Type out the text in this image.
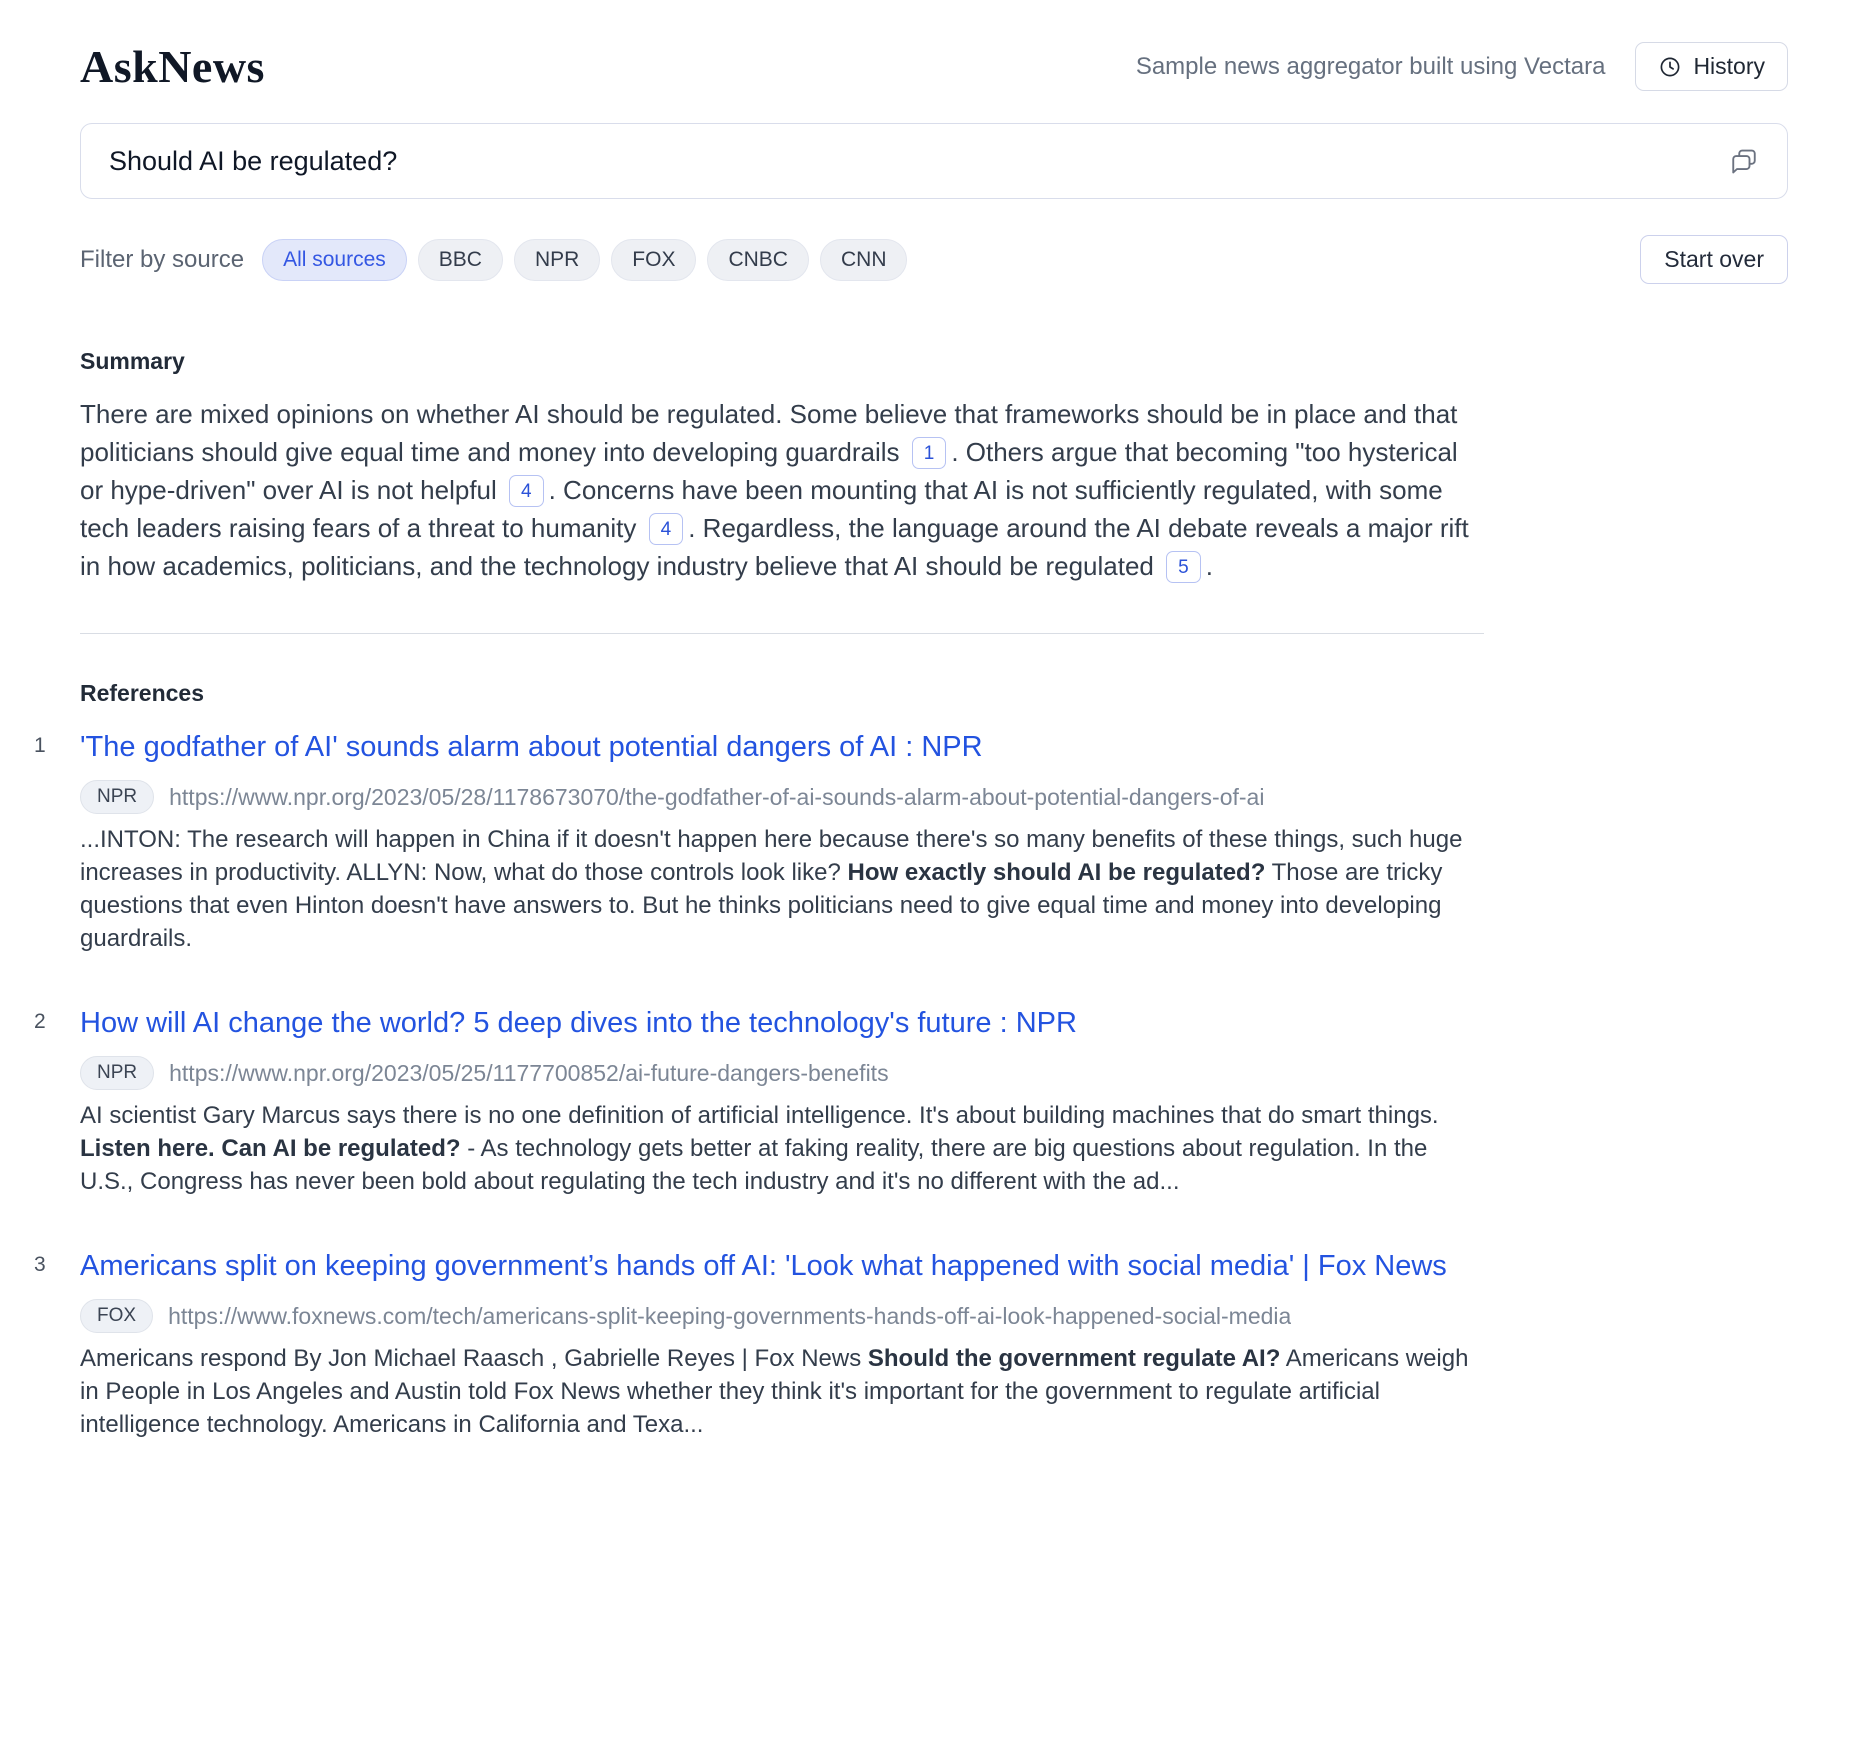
AskNews	Sample news aggregator built using Vectara	History
Should AI be regulated?
Filter by source	All sources	BBC	NPR	FOX	CNBC	CNN	Start over
Summary

There are mixed opinions on whether AI should be regulated. Some believe that frameworks should be in place and that politicians should give equal time and money into developing guardrails 1 . Others argue that becoming "too hysterical or hype-driven" over AI is not helpful 4 . Concerns have been mounting that AI is not sufficiently regulated, with some tech leaders raising fears of a threat to humanity 4 . Regardless, the language around the AI debate reveals a major rift in how academics, politicians, and the technology industry believe that AI should be regulated 5 .

References
1 'The godfather of AI' sounds alarm about potential dangers of AI : NPR
NPR	https://www.npr.org/2023/05/28/1178673070/the-godfather-of-ai-sounds-alarm-about-potential-dangers-of-ai
...INTON: The research will happen in China if it doesn't happen here because there's so many benefits of these things, such huge increases in productivity. ALLYN: Now, what do those controls look like? How exactly should AI be regulated? Those are tricky questions that even Hinton doesn't have answers to. But he thinks politicians need to give equal time and money into developing guardrails.
2 How will AI change the world? 5 deep dives into the technology's future : NPR
NPR	https://www.npr.org/2023/05/25/1177700852/ai-future-dangers-benefits
AI scientist Gary Marcus says there is no one definition of artificial intelligence. It's about building machines that do smart things. Listen here. Can AI be regulated? - As technology gets better at faking reality, there are big questions about regulation. In the U.S., Congress has never been bold about regulating the tech industry and it's no different with the ad...
3 Americans split on keeping government’s hands off AI: 'Look what happened with social media' | Fox News
FOX	https://www.foxnews.com/tech/americans-split-keeping-governments-hands-off-ai-look-happened-social-media
Americans respond By Jon Michael Raasch , Gabrielle Reyes | Fox News Should the government regulate AI? Americans weigh in People in Los Angeles and Austin told Fox News whether they think it's important for the government to regulate artificial intelligence technology. Americans in California and Texa...
